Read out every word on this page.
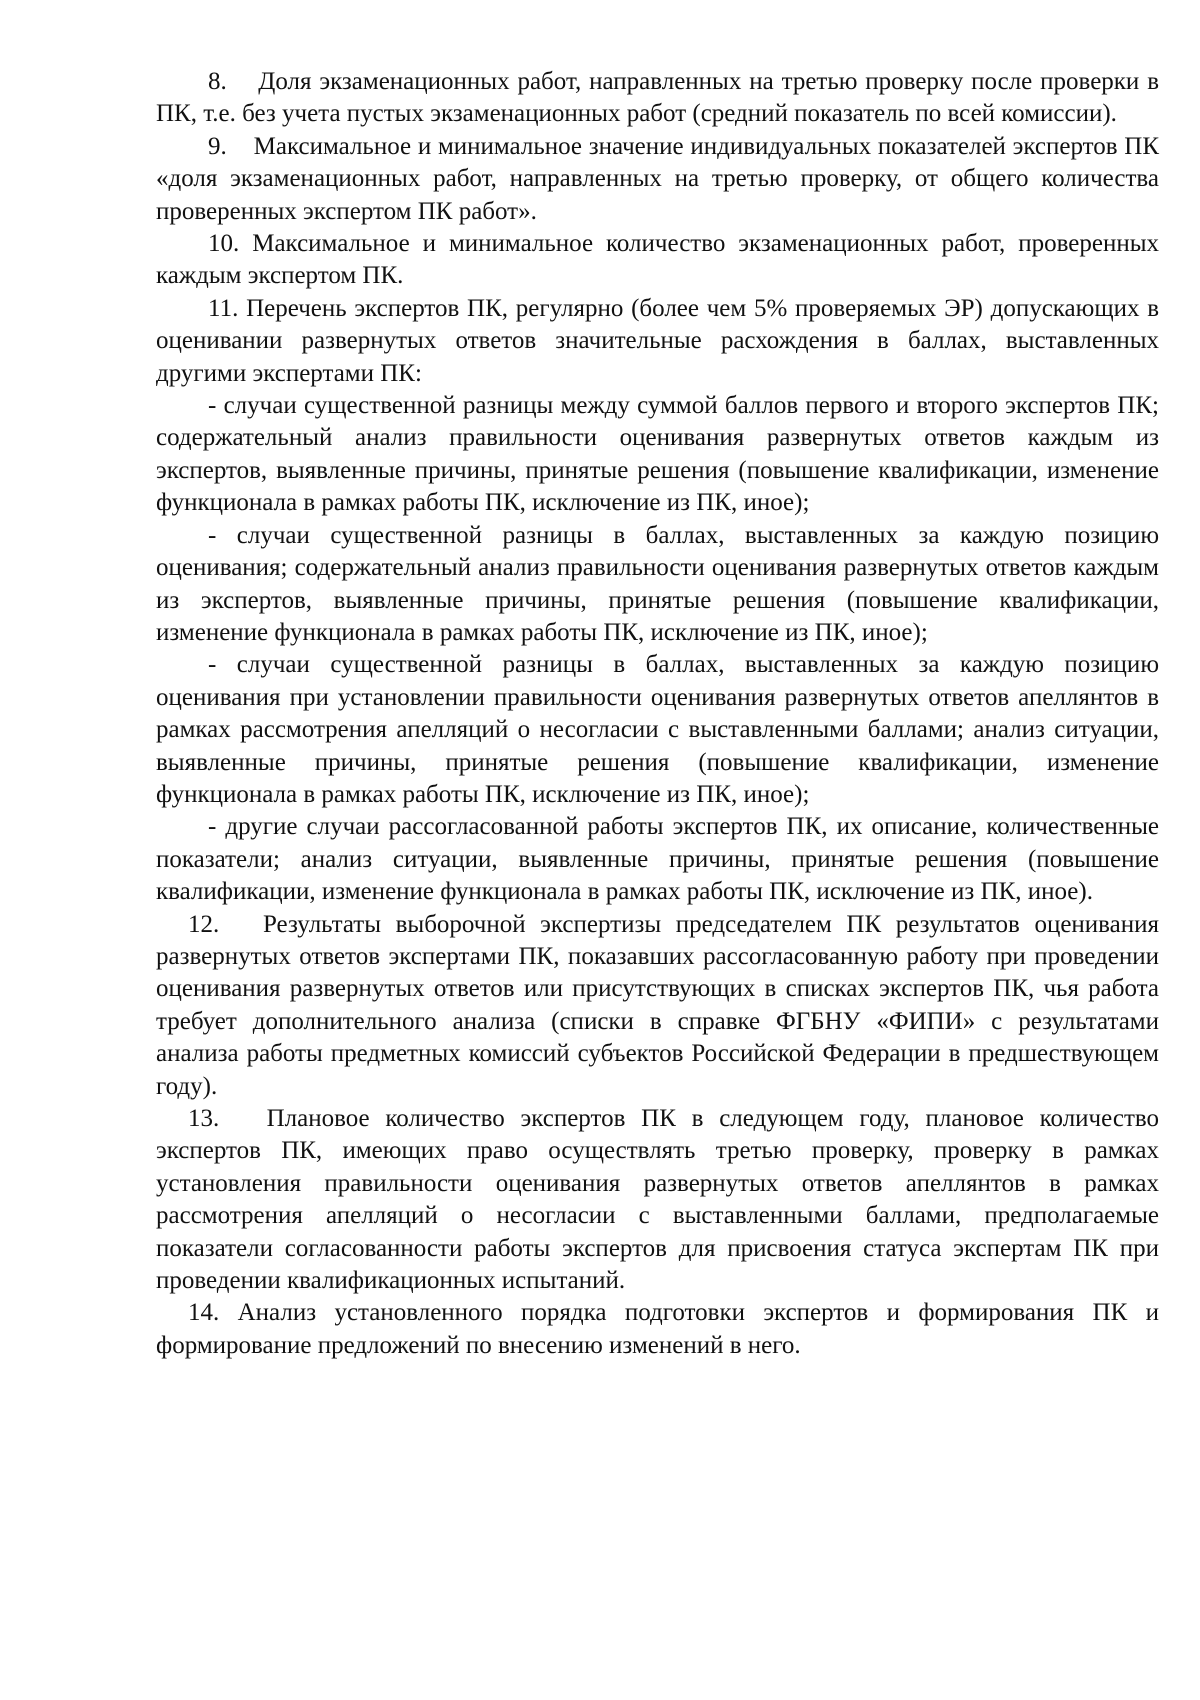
8. Доля экзаменационных работ, направленных на третью проверку после проверки в ПК, т.е. без учета пустых экзаменационных работ (средний показатель по всей комиссии).

9. Максимальное и минимальное значение индивидуальных показателей экспертов ПК «доля экзаменационных работ, направленных на третью проверку, от общего количества проверенных экспертом ПК работ».

10. Максимальное и минимальное количество экзаменационных работ, проверенных каждым экспертом ПК.

11. Перечень экспертов ПК, регулярно (более чем 5% проверяемых ЭР) допускающих в оценивании развернутых ответов значительные расхождения в баллах, выставленных другими экспертами ПК:

- случаи существенной разницы между суммой баллов первого и второго экспертов ПК; содержательный анализ правильности оценивания развернутых ответов каждым из экспертов, выявленные причины, принятые решения (повышение квалификации, изменение функционала в рамках работы ПК, исключение из ПК, иное);

- случаи существенной разницы в баллах, выставленных за каждую позицию оценивания; содержательный анализ правильности оценивания развернутых ответов каждым из экспертов, выявленные причины, принятые решения (повышение квалификации, изменение функционала в рамках работы ПК, исключение из ПК, иное);

- случаи существенной разницы в баллах, выставленных за каждую позицию оценивания при установлении правильности оценивания развернутых ответов апеллянтов в рамках рассмотрения апелляций о несогласии с выставленными баллами; анализ ситуации, выявленные причины, принятые решения (повышение квалификации, изменение функционала в рамках работы ПК, исключение из ПК, иное);

- другие случаи рассогласованной работы экспертов ПК, их описание, количественные показатели; анализ ситуации, выявленные причины, принятые решения (повышение квалификации, изменение функционала в рамках работы ПК, исключение из ПК, иное).

12. Результаты выборочной экспертизы председателем ПК результатов оценивания развернутых ответов экспертами ПК, показавших рассогласованную работу при проведении оценивания развернутых ответов или присутствующих в списках экспертов ПК, чья работа требует дополнительного анализа (списки в справке ФГБНУ «ФИПИ» с результатами анализа работы предметных комиссий субъектов Российской Федерации в предшествующем году).

13. Плановое количество экспертов ПК в следующем году, плановое количество экспертов ПК, имеющих право осуществлять третью проверку, проверку в рамках установления правильности оценивания развернутых ответов апеллянтов в рамках рассмотрения апелляций о несогласии с выставленными баллами, предполагаемые показатели согласованности работы экспертов для присвоения статуса экспертам ПК при проведении квалификационных испытаний.

14. Анализ установленного порядка подготовки экспертов и формирования ПК и формирование предложений по внесению изменений в него.
